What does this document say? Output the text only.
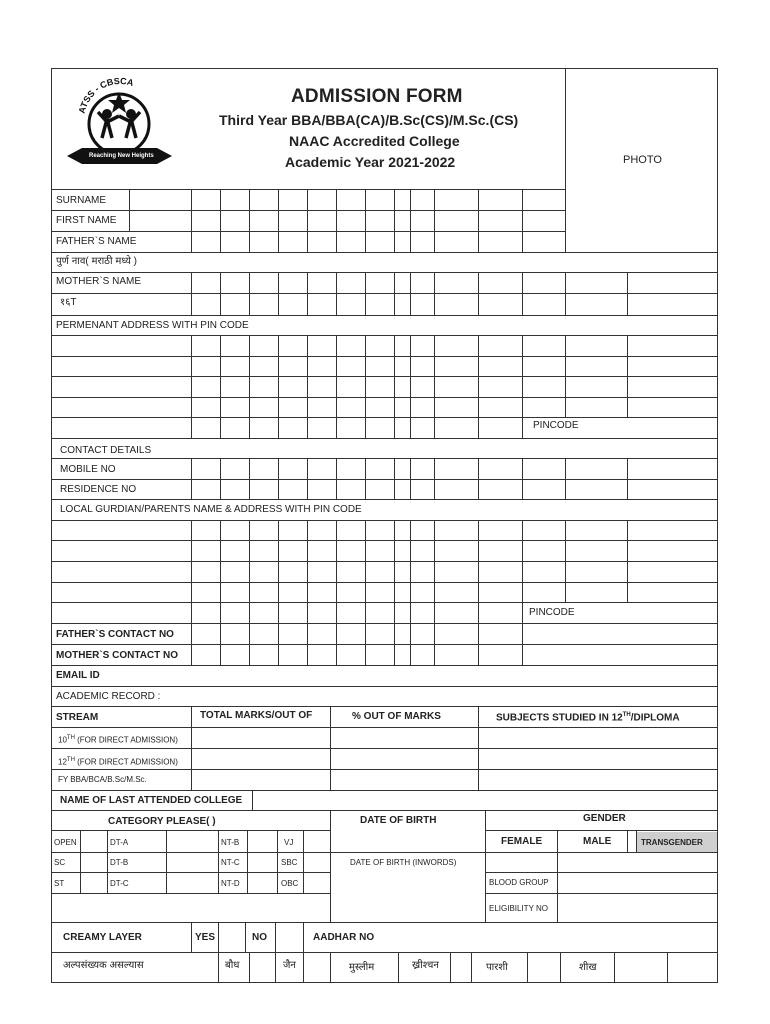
ATSS - CBSCA
Reaching New Heights
ADMISSION FORM
Third Year BBA/BBA(CA)/B.Sc(CS)/M.Sc.(CS)
NAAC Accredited College
Academic Year 2021-2022	PHOTO
SURNAME
FIRST NAME
FATHER`S NAME
पुर्ण नाव( मराठी मध्ये )
MOTHER`S NAME
१६T
PERMENANT ADDRESS WITH PIN CODE
PINCODE
CONTACT DETAILS
MOBILE NO
RESIDENCE NO
LOCAL GURDIAN/PARENTS NAME & ADDRESS WITH PIN CODE
PINCODE
FATHER`S CONTACT NO
MOTHER`S CONTACT NO
EMAIL ID
ACADEMIC RECORD :
STREAM	TOTAL MARKS/OUT OF	% OUT OF MARKS	SUBJECTS STUDIED IN 12TH/DIPLOMA
10TH (FOR DIRECT ADMISSION)
12TH (FOR DIRECT ADMISSION)
FY BBA/BCA/B.Sc/M.Sc.
NAME OF LAST ATTENDED COLLEGE
CATEGORY PLEASE( )	DATE OF BIRTH	GENDER
OPEN	DT-A	NT-B	VJ
SC	DT-B	NT-C	SBC
ST	DT-C	NT-D	OBC
DATE OF BIRTH (INWORDS)
FEMALE	MALE	TRANSGENDER
BLOOD GROUP
ELIGIBILITY NO
CREAMY LAYER	YES	NO	AADHAR NO
अल्पसंख्यक असल्यास	बौध	जैन	मुस्लीम	ख्रीश्चन	पारशी	शीख
